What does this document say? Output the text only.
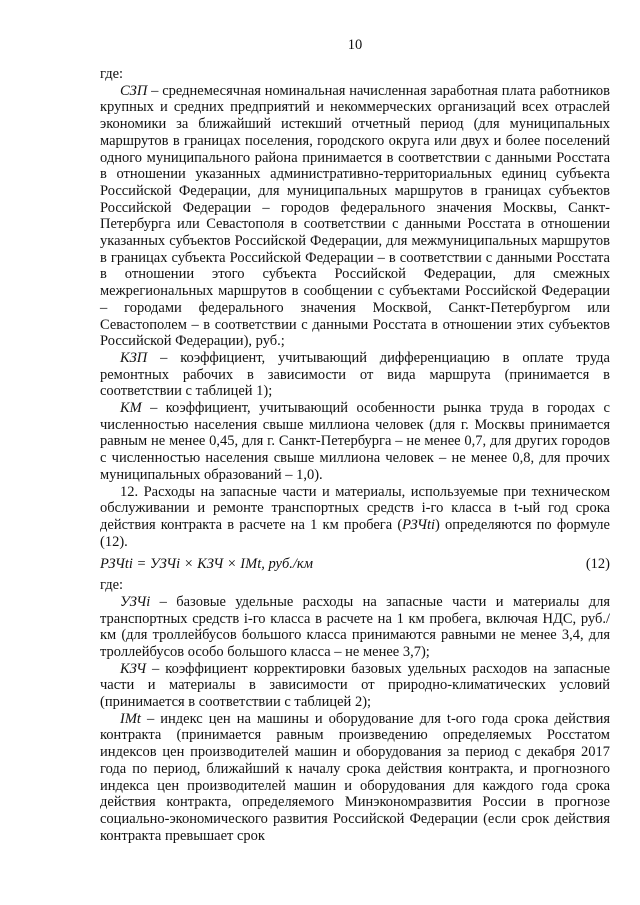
10

где:

СЗП – среднемесячная номинальная начисленная заработная плата работников крупных и средних предприятий и некоммерческих организаций всех отраслей экономики за ближайший истекший отчетный период (для муниципальных маршрутов в границах поселения, городского округа или двух и более поселений одного муниципального района принимается в соответствии с данными Росстата в отношении указанных административно-территориальных единиц субъекта Российской Федерации, для муниципальных маршрутов в границах субъектов Российской Федерации – городов федерального значения Москвы, Санкт-Петербурга или Севастополя в соответствии с данными Росстата в отношении указанных субъектов Российской Федерации, для межмуниципальных маршрутов в границах субъекта Российской Федерации – в соответствии с данными Росстата в отношении этого субъекта Российской Федерации, для смежных межрегиональных маршрутов в сообщении с субъектами Российской Федерации – городами федерального значения Москвой, Санкт-Петербургом или Севастополем – в соответствии с данными Росстата в отношении этих субъектов Российской Федерации), руб.;

КЗП – коэффициент, учитывающий дифференциацию в оплате труда ремонтных рабочих в зависимости от вида маршрута (принимается в соответствии с таблицей 1);

КМ – коэффициент, учитывающий особенности рынка труда в городах с численностью населения свыше миллиона человек (для г. Москвы принимается равным не менее 0,45, для г. Санкт-Петербурга – не менее 0,7, для других городов с численностью населения свыше миллиона человек – не менее 0,8, для прочих муниципальных образований – 1,0).

12. Расходы на запасные части и материалы, используемые при техническом обслуживании и ремонте транспортных средств i-го класса в t-ый год срока действия контракта в расчете на 1 км пробега (РЗЧti) определяются по формуле (12).

РЗЧti = УЗЧi × КЗЧ × IМt, руб./км	(12)

где:

УЗЧi – базовые удельные расходы на запасные части и материалы для транспортных средств i-го класса в расчете на 1 км пробега, включая НДС, руб./км (для троллейбусов большого класса принимаются равными не менее 3,4, для троллейбусов особо большого класса – не менее 3,7);

КЗЧ – коэффициент корректировки базовых удельных расходов на запасные части и материалы в зависимости от природно-климатических условий (принимается в соответствии с таблицей 2);

IМt – индекс цен на машины и оборудование для t-ого года срока действия контракта (принимается равным произведению определяемых Росстатом индексов цен производителей машин и оборудования за период с декабря 2017 года по период, ближайший к началу срока действия контракта, и прогнозного индекса цен производителей машин и оборудования для каждого года срока действия контракта, определяемого Минэкономразвития России в прогнозе социально-экономического развития Российской Федерации (если срок действия контракта превышает срок
